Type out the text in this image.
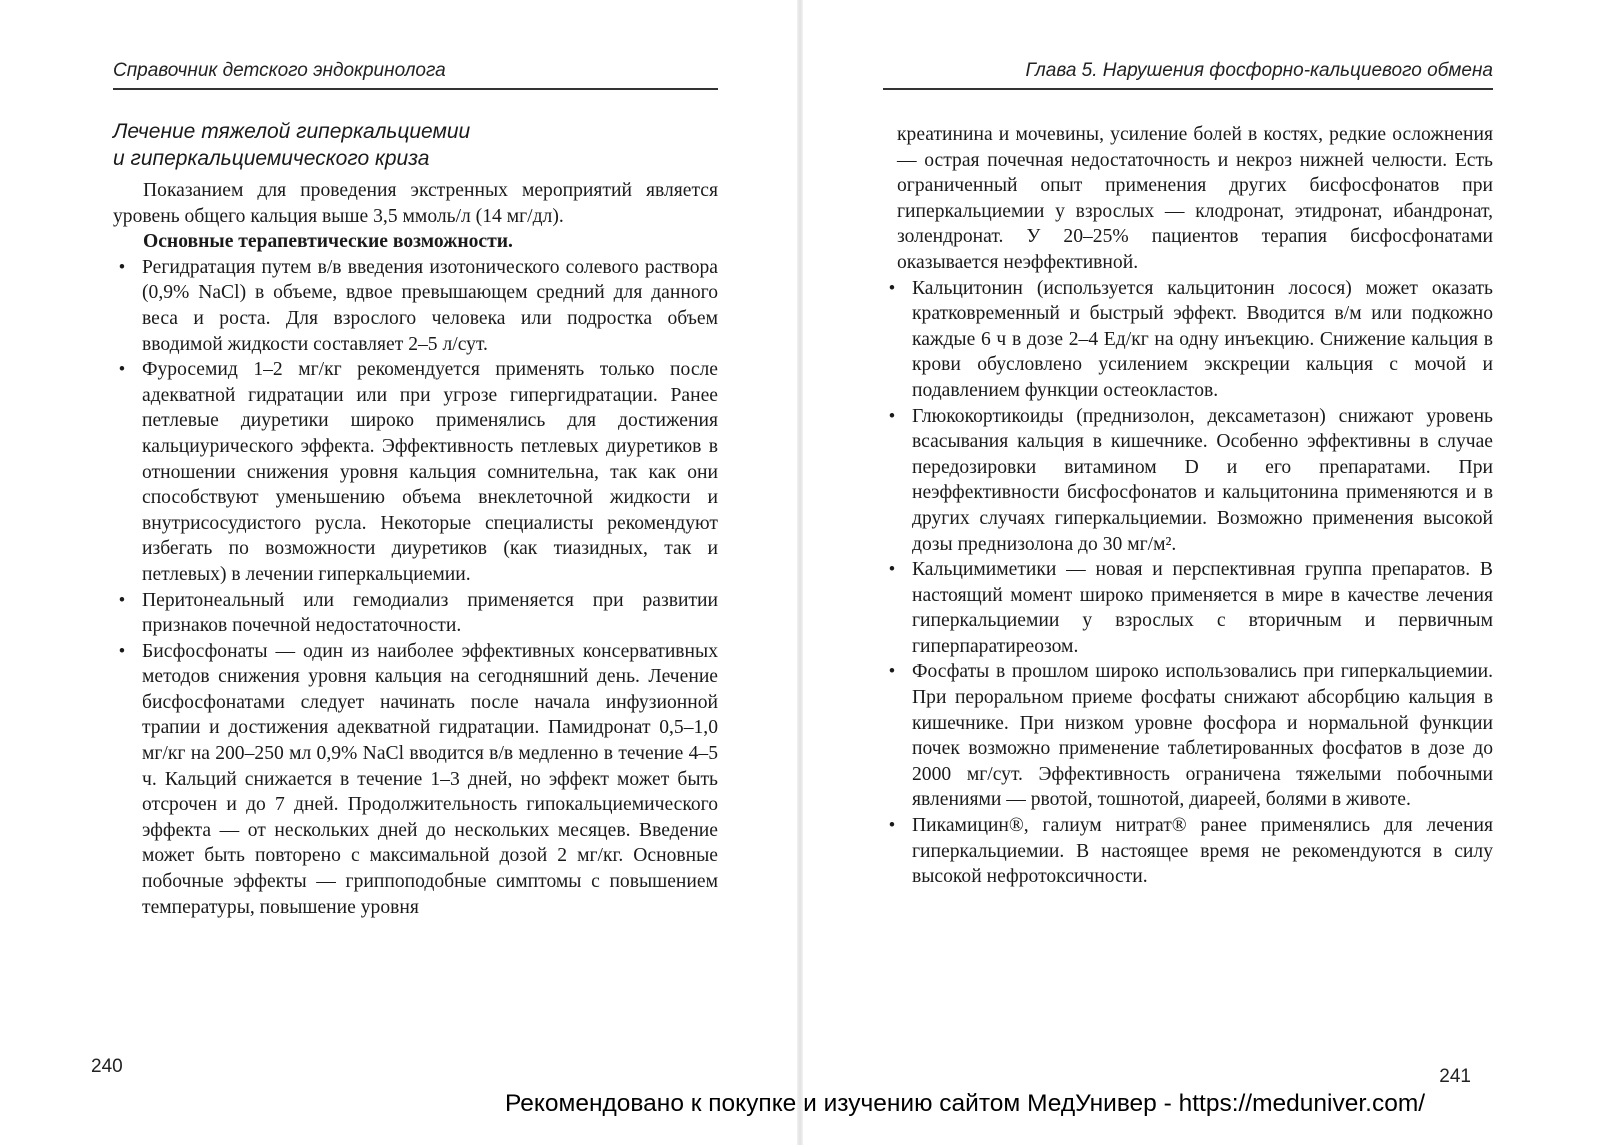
Справочник детского эндокринолога
Лечение тяжелой гиперкальциемии
и гиперкальциемического криза

Показанием для проведения экстренных мероприятий является уровень общего кальция выше 3,5 ммоль/л (14 мг/дл).

Основные терапевтические возможности.

• Регидратация путем в/в введения изотонического солевого раствора (0,9% NaCl) в объеме, вдвое превышающем средний для данного веса и роста. Для взрослого человека или подростка объем вводимой жидкости составляет 2–5 л/сут.
• Фуросемид 1–2 мг/кг рекомендуется применять только после адекватной гидратации или при угрозе гипергидратации. Ранее петлевые диуретики широко применялись для достижения кальциурического эффекта. Эффективность петлевых диуретиков в отношении снижения уровня кальция сомнительна, так как они способствуют уменьшению объема внеклеточной жидкости и внутрисосудистого русла. Некоторые специалисты рекомендуют избегать по возможности диуретиков (как тиазидных, так и петлевых) в лечении гиперкальциемии.
• Перитонеальный или гемодиализ применяется при развитии признаков почечной недостаточности.
• Бисфосфонаты — один из наиболее эффективных консервативных методов снижения уровня кальция на сегодняшний день. Лечение бисфосфонатами следует начинать после начала инфузионной трапии и достижения адекватной гидратации. Памидронат 0,5–1,0 мг/кг на 200–250 мл 0,9% NaCl вводится в/в медленно в течение 4–5 ч. Кальций снижается в течение 1–3 дней, но эффект может быть отсрочен и до 7 дней. Продолжительность гипокальциемического эффекта — от нескольких дней до нескольких месяцев. Введение может быть повторено с максимальной дозой 2 мг/кг. Основные побочные эффекты — гриппоподобные симптомы с повышением температуры, повышение уровня
240
Глава 5. Нарушения фосфорно-кальциевого обмена

креатинина и мочевины, усиление болей в костях, редкие осложнения — острая почечная недостаточность и некроз нижней челюсти. Есть ограниченный опыт применения других бисфосфонатов при гиперкальциемии у взрослых — клодронат, этидронат, ибандронат, золендронат. У 20–25% пациентов терапия бисфосфонатами оказывается неэффективной.

• Кальцитонин (используется кальцитонин лосося) может оказать кратковременный и быстрый эффект. Вводится в/м или подкожно каждые 6 ч в дозе 2–4 Ед/кг на одну инъекцию. Снижение кальция в крови обусловлено усилением экскреции кальция с мочой и подавлением функции остеокластов.
• Глюкокортикоиды (преднизолон, дексаметазон) снижают уровень всасывания кальция в кишечнике. Особенно эффективны в случае передозировки витамином D и его препаратами. При неэффективности бисфосфонатов и кальцитонина применяются и в других случаях гиперкальциемии. Возможно применения высокой дозы преднизолона до 30 мг/м².
• Кальцимиметики — новая и перспективная группа препаратов. В настоящий момент широко применяется в мире в качестве лечения гиперкальциемии у взрослых с вторичным и первичным гиперпаратиреозом.
• Фосфаты в прошлом широко использовались при гиперкальциемии. При пероральном приеме фосфаты снижают абсорбцию кальция в кишечнике. При низком уровне фосфора и нормальной функции почек возможно применение таблетированных фосфатов в дозе до 2000 мг/сут. Эффективность ограничена тяжелыми побочными явлениями — рвотой, тошнотой, диареей, болями в животе.
• Пикамицин®, галиум нитрат® ранее применялись для лечения гиперкальциемии. В настоящее время не рекомендуются в силу высокой нефротоксичности.
241
Рекомендовано к покупке и изучению сайтом МедУнивер - https://meduniver.com/
